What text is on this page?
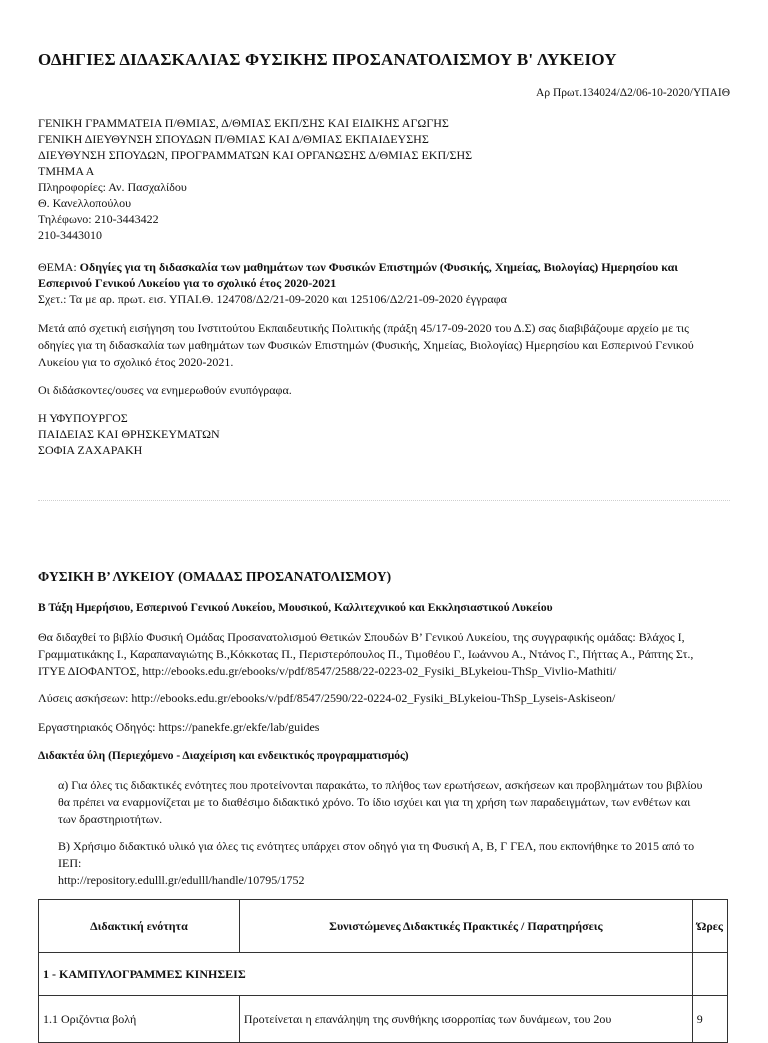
ΟΔΗΓΙΕΣ ΔΙΔΑΣΚΑΛΙΑΣ ΦΥΣΙΚΗΣ ΠΡΟΣΑΝΑΤΟΛΙΣΜΟΥ Β' ΛΥΚΕΙΟΥ
Αρ Πρωτ.134024/Δ2/06-10-2020/ΥΠΑΙΘ
ΓΕΝΙΚΗ ΓΡΑΜΜΑΤΕΙΑ Π/ΘΜΙΑΣ, Δ/ΘΜΙΑΣ ΕΚΠ/ΣΗΣ ΚΑΙ ΕΙΔΙΚΗΣ ΑΓΩΓΗΣ
ΓΕΝΙΚΗ ΔΙΕΥΘΥΝΣΗ ΣΠΟΥΔΩΝ Π/ΘΜΙΑΣ ΚΑΙ Δ/ΘΜΙΑΣ ΕΚΠΑΙΔΕΥΣΗΣ
ΔΙΕΥΘΥΝΣΗ ΣΠΟΥΔΩΝ, ΠΡΟΓΡΑΜΜΑΤΩΝ ΚΑΙ ΟΡΓΑΝΩΣΗΣ Δ/ΘΜΙΑΣ ΕΚΠ/ΣΗΣ
ΤΜΗΜΑ Α
Πληροφορίες: Αν. Πασχαλίδου
Θ. Κανελλοπούλου
Τηλέφωνο: 210-3443422
210-3443010
ΘΕΜΑ: Οδηγίες για τη διδασκαλία των μαθημάτων των Φυσικών Επιστημών (Φυσικής, Χημείας, Βιολογίας) Ημερησίου και
Εσπερινού Γενικού Λυκείου για το σχολικό έτος 2020-2021
Σχετ.: Τα με αρ. πρωτ. εισ. ΥΠΑΙ.Θ. 124708/Δ2/21-09-2020 και 125106/Δ2/21-09-2020 έγγραφα
Μετά από σχετική εισήγηση του Ινστιτούτου Εκπαιδευτικής Πολιτικής (πράξη 45/17-09-2020 του Δ.Σ) σας διαβιβάζουμε αρχείο με τις
οδηγίες για τη διδασκαλία των μαθημάτων των Φυσικών Επιστημών (Φυσικής, Χημείας, Βιολογίας) Ημερησίου και Εσπερινού Γενικού
Λυκείου για το σχολικό έτος 2020-2021.
Οι διδάσκοντες/ουσες να ενημερωθούν ενυπόγραφα.
Η ΥΦΥΠΟΥΡΓΟΣ
ΠΑΙΔΕΙΑΣ ΚΑΙ ΘΡΗΣΚΕΥΜΑΤΩΝ
ΣΟΦΙΑ ΖΑΧΑΡΑΚΗ
ΦΥΣΙΚΗ Β’ ΛΥΚΕΙΟΥ (ΟΜΑΔΑΣ ΠΡΟΣΑΝΑΤΟΛΙΣΜΟΥ)
Β Τάξη Ημερήσιου, Εσπερινού Γενικού Λυκείου, Μουσικού, Καλλιτεχνικού και Εκκλησιαστικού Λυκείου
Θα διδαχθεί το βιβλίο Φυσική Ομάδας Προσανατολισμού Θετικών Σπουδών Β’ Γενικού Λυκείου, της συγγραφικής ομάδας: Βλάχος Ι,
Γραμματικάκης Ι., Καραπαναγιώτης Β.,Κόκκοτας Π., Περιστερόπουλος Π., Τιμοθέου Γ., Ιωάννου Α., Ντάνος Γ., Πήττας Α., Ράπτης Στ.,
ΙΤΥΕ ΔΙΟΦΑΝΤΟΣ, http://ebooks.edu.gr/ebooks/v/pdf/8547/2588/22-0223-02_Fysiki_BLykeiou-ThSp_Vivlio-Mathiti/
Λύσεις ασκήσεων: http://ebooks.edu.gr/ebooks/v/pdf/8547/2590/22-0224-02_Fysiki_BLykeiou-ThSp_Lyseis-Askiseon/
Εργαστηριακός Οδηγός: https://panekfe.gr/ekfe/lab/guides
Διδακτέα ύλη (Περιεχόμενο - Διαχείριση και ενδεικτικός προγραμματισμός)
α) Για όλες τις διδακτικές ενότητες που προτείνονται παρακάτω, το πλήθος των ερωτήσεων, ασκήσεων και προβλημάτων του βιβλίου
θα πρέπει να εναρμονίζεται με το διαθέσιμο διδακτικό χρόνο. Το ίδιο ισχύει και για τη χρήση των παραδειγμάτων, των ενθέτων και
των δραστηριοτήτων.
Β) Χρήσιμο διδακτικό υλικό για όλες τις ενότητες υπάρχει στον οδηγό για τη Φυσική Α, Β, Γ ΓΕΛ, που εκπονήθηκε το 2015 από το
ΙΕΠ:
http://repository.edulll.gr/edulll/handle/10795/1752
Διδακτική ενότητα	Συνιστώμενες Διδακτικές Πρακτικές / Παρατηρήσεις	Ώρες
1 - ΚΑΜΠΥΛΟΓΡΑΜΜΕΣ ΚΙΝΗΣΕΙΣ		
1.1 Οριζόντια βολή	Προτείνεται η επανάληψη της συνθήκης ισορροπίας των δυνάμεων, του 2ου	9
